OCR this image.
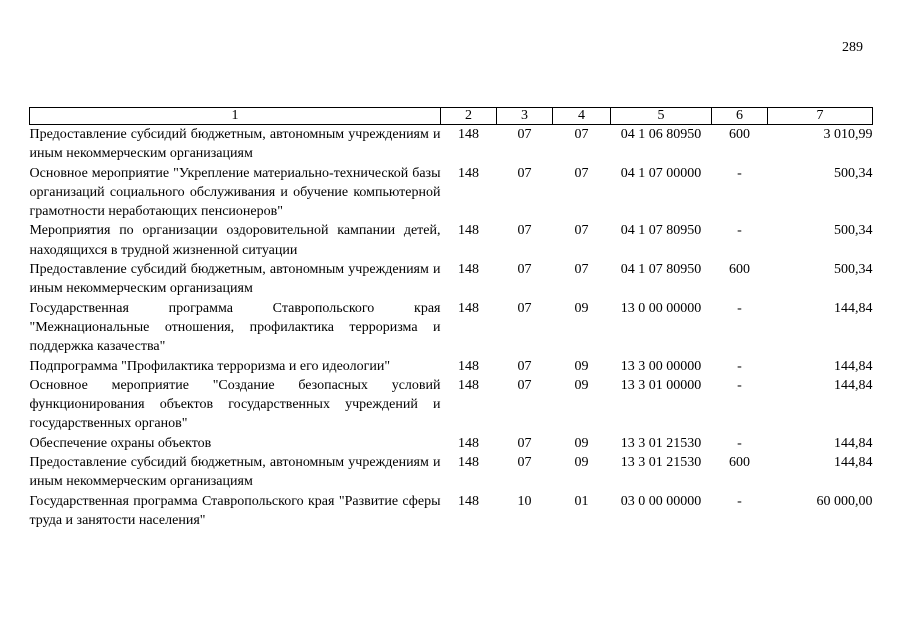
289
1	2	3	4	5	6	7
Предоставление субсидий бюджетным, автономным учреждениям и иным некоммерческим организациям	148	07	07	04 1 06 80950	600	3 010,99
Основное мероприятие "Укрепление материально-технической базы организаций социального обслуживания и обучение компьютерной грамотности неработающих пенсионеров"	148	07	07	04 1 07 00000	-	500,34
Мероприятия по организации оздоровительной кампании детей, находящихся в трудной жизненной ситуации	148	07	07	04 1 07 80950	-	500,34
Предоставление субсидий бюджетным, автономным учреждениям и иным некоммерческим организациям	148	07	07	04 1 07 80950	600	500,34
Государственная программа Ставропольского края "Межнациональные отношения, профилактика терроризма и поддержка казачества"	148	07	09	13 0 00 00000	-	144,84
Подпрограмма "Профилактика терроризма и его идеологии"	148	07	09	13 3 00 00000	-	144,84
Основное мероприятие "Создание безопасных условий функционирования объектов государственных учреждений и государственных органов"	148	07	09	13 3 01 00000	-	144,84
Обеспечение охраны объектов	148	07	09	13 3 01 21530	-	144,84
Предоставление субсидий бюджетным, автономным учреждениям и иным некоммерческим организациям	148	07	09	13 3 01 21530	600	144,84
Государственная программа Ставропольского края "Развитие сферы труда и занятости населения"	148	10	01	03 0 00 00000	-	60 000,00
